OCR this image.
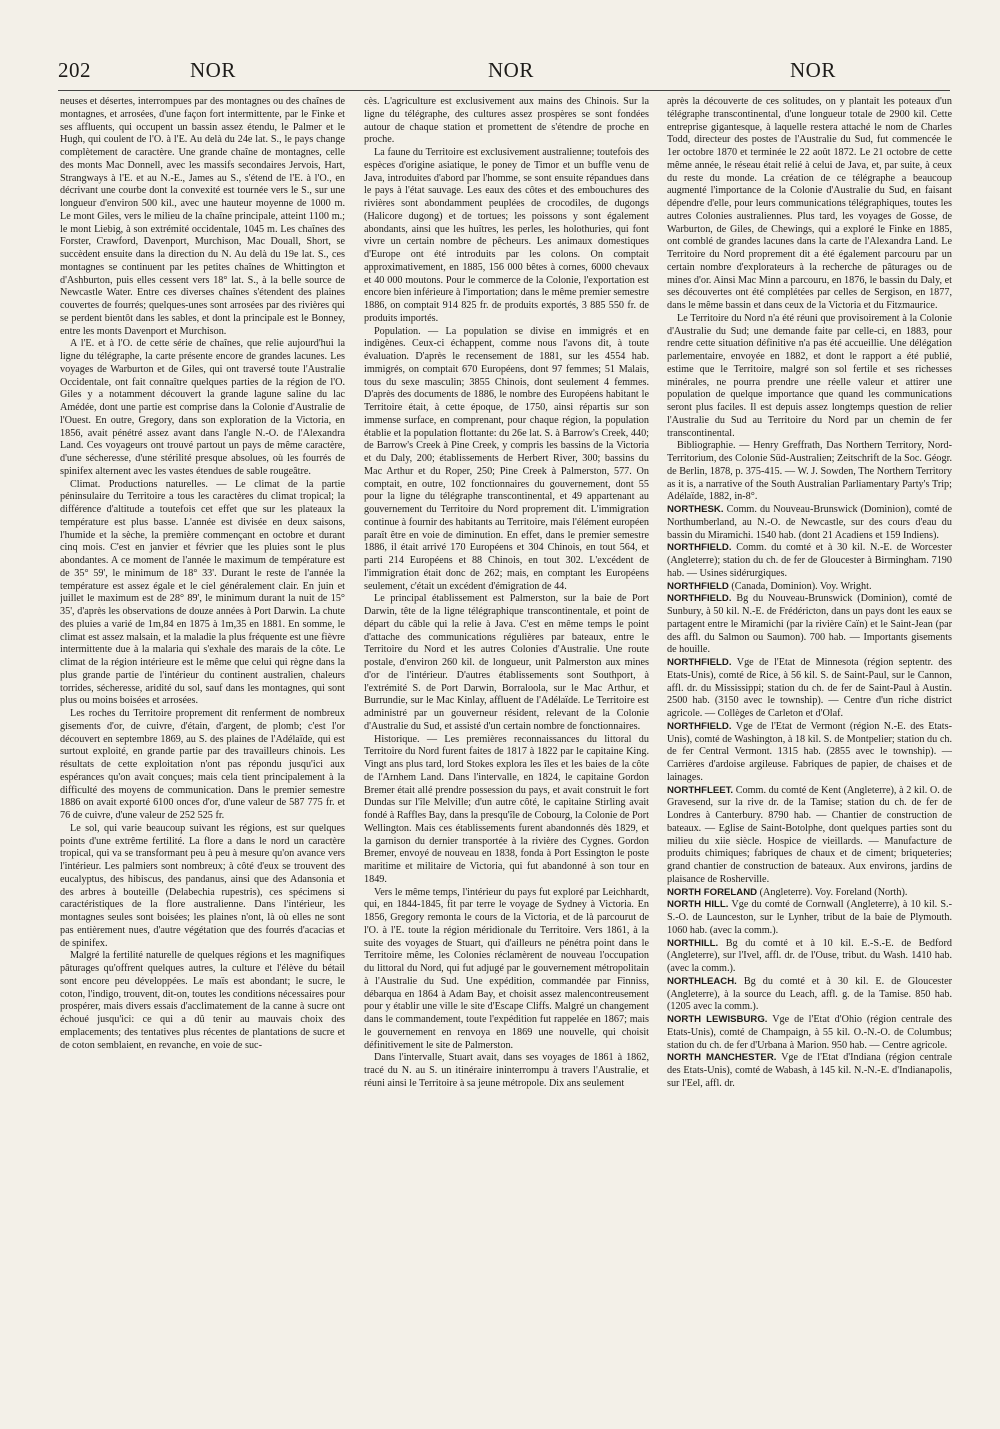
202	NOR	NOR	NOR

neuses et désertes, interrompues par des montagnes ou des chaînes de montagnes, et arrosées, d'une façon fort intermittente, par le Finke et ses affluents, qui occupent un bassin assez étendu, le Palmer et le Hugh, qui coulent de l'O. à l'E. Au delà du 24e lat. S., le pays change complètement de caractère. Une grande chaîne de montagnes, celle des monts Mac Donnell, avec les massifs secondaires Jervois, Hart, Strangways à l'E. et au N.-E., James au S., s'étend de l'E. à l'O., en décrivant une courbe dont la convexité est tournée vers le S., sur une longueur d'environ 500 kil., avec une hauteur moyenne de 1000 m. Le mont Giles, vers le milieu de la chaîne principale, atteint 1100 m.; le mont Liebig, à son extrémité occidentale, 1045 m. Les chaînes des Forster, Crawford, Davenport, Murchison, Mac Douall, Short, se succèdent ensuite dans la direction du N. Au delà du 19e lat. S., ces montagnes se continuent par les petites chaînes de Whittington et d'Ashburton, puis elles cessent vers 18° lat. S., à la belle source de Newcastle Water. Entre ces diverses chaînes s'étendent des plaines couvertes de fourrés; quelques-unes sont arrosées par des rivières qui se perdent bientôt dans les sables, et dont la principale est le Bonney, entre les monts Davenport et Murchison.

A l'E. et à l'O. de cette série de chaînes, que relie aujourd'hui la ligne du télégraphe, la carte présente encore de grandes lacunes. Les voyages de Warburton et de Giles, qui ont traversé toute l'Australie Occidentale, ont fait connaître quelques parties de la région de l'O. Giles y a notamment découvert la grande lagune saline du lac Amédée, dont une partie est comprise dans la Colonie d'Australie de l'Ouest. En outre, Gregory, dans son exploration de la Victoria, en 1856, avait pénétré assez avant dans l'angle N.-O. de l'Alexandra Land. Ces voyageurs ont trouvé partout un pays de même caractère, d'une sécheresse, d'une stérilité presque absolues, où les fourrés de spinifex alternent avec les vastes étendues de sable rougeâtre.

Climat. Productions naturelles. — Le climat de la partie péninsulaire du Territoire a tous les caractères du climat tropical; la différence d'altitude a toutefois cet effet que sur les plateaux la température est plus basse. L'année est divisée en deux saisons, l'humide et la sèche, la première commençant en octobre et durant cinq mois. C'est en janvier et février que les pluies sont le plus abondantes. A ce moment de l'année le maximum de température est de 35° 59', le minimum de 18° 33'. Durant le reste de l'année la température est assez égale et le ciel généralement clair. En juin et juillet le maximum est de 28° 89', le minimum durant la nuit de 15° 35', d'après les observations de douze années à Port Darwin. La chute des pluies a varié de 1m,84 en 1875 à 1m,35 en 1881. En somme, le climat est assez malsain, et la maladie la plus fréquente est une fièvre intermittente due à la malaria qui s'exhale des marais de la côte. Le climat de la région intérieure est le même que celui qui règne dans la plus grande partie de l'intérieur du continent australien, chaleurs torrides, sécheresse, aridité du sol, sauf dans les montagnes, qui sont plus ou moins boisées et arrosées.

Les roches du Territoire proprement dit renferment de nombreux gisements d'or, de cuivre, d'étain, d'argent, de plomb; c'est l'or découvert en septembre 1869, au S. des plaines de l'Adélaïde, qui est surtout exploité, en grande partie par des travailleurs chinois. Les résultats de cette exploitation n'ont pas répondu jusqu'ici aux espérances qu'on avait conçues; mais cela tient principalement à la difficulté des moyens de communication. Dans le premier semestre 1886 on avait exporté 6100 onces d'or, d'une valeur de 587 775 fr. et 76 de cuivre, d'une valeur de 252 525 fr.

Le sol, qui varie beaucoup suivant les régions, est sur quelques points d'une extrême fertilité. La flore a dans le nord un caractère tropical, qui va se transformant peu à peu à mesure qu'on avance vers l'intérieur. Les palmiers sont nombreux; à côté d'eux se trouvent des eucalyptus, des hibiscus, des pandanus, ainsi que des Adansonia et des arbres à bouteille (Delabechia rupestris), ces spécimens si caractéristiques de la flore australienne. Dans l'intérieur, les montagnes seules sont boisées; les plaines n'ont, là où elles ne sont pas entièrement nues, d'autre végétation que des fourrés d'acacias et de spinifex.

Malgré la fertilité naturelle de quelques régions et les magnifiques pâturages qu'offrent quelques autres, la culture et l'élève du bétail sont encore peu développées. Le maïs est abondant; le sucre, le coton, l'indigo, trouvent, dit-on, toutes les conditions nécessaires pour prospérer, mais divers essais d'acclimatement de la canne à sucre ont échoué jusqu'ici: ce qui a dû tenir au mauvais choix des emplacements; des tentatives plus récentes de plantations de sucre et de coton semblaient, en revanche, en voie de suc-

cès. L'agriculture est exclusivement aux mains des Chinois. Sur la ligne du télégraphe, des cultures assez prospères se sont fondées autour de chaque station et promettent de s'étendre de proche en proche.

La faune du Territoire est exclusivement australienne; toutefois des espèces d'origine asiatique, le poney de Timor et un buffle venu de Java, introduites d'abord par l'homme, se sont ensuite répandues dans le pays à l'état sauvage. Les eaux des côtes et des embouchures des rivières sont abondamment peuplées de crocodiles, de dugongs (Halicore dugong) et de tortues; les poissons y sont également abondants, ainsi que les huîtres, les perles, les holothuries, qui font vivre un certain nombre de pêcheurs. Les animaux domestiques d'Europe ont été introduits par les colons. On comptait approximativement, en 1885, 156 000 bêtes à cornes, 6000 chevaux et 40 000 moutons. Pour le commerce de la Colonie, l'exportation est encore bien inférieure à l'importation; dans le même premier semestre 1886, on comptait 914 825 fr. de produits exportés, 3 885 550 fr. de produits importés.

Population. — La population se divise en immigrés et en indigènes. Ceux-ci échappent, comme nous l'avons dit, à toute évaluation. D'après le recensement de 1881, sur les 4554 hab. immigrés, on comptait 670 Européens, dont 97 femmes; 51 Malais, tous du sexe masculin; 3855 Chinois, dont seulement 4 femmes. D'après des documents de 1886, le nombre des Européens habitant le Territoire était, à cette époque, de 1750, ainsi répartis sur son immense surface, en comprenant, pour chaque région, la population établie et la population flottante: du 26e lat. S. à Barrow's Creek, 440; de Barrow's Creek à Pine Creek, y compris les bassins de la Victoria et du Daly, 200; établissements de Herbert River, 300; bassins du Mac Arthur et du Roper, 250; Pine Creek à Palmerston, 577. On comptait, en outre, 102 fonctionnaires du gouvernement, dont 55 pour la ligne du télégraphe transcontinental, et 49 appartenant au gouvernement du Territoire du Nord proprement dit. L'immigration continue à fournir des habitants au Territoire, mais l'élément européen paraît être en voie de diminution. En effet, dans le premier semestre 1886, il était arrivé 170 Européens et 304 Chinois, en tout 564, et parti 214 Européens et 88 Chinois, en tout 302. L'excédent de l'immigration était donc de 262; mais, en comptant les Européens seulement, c'était un excédent d'émigration de 44.

Le principal établissement est Palmerston, sur la baie de Port Darwin, tête de la ligne télégraphique transcontinentale, et point de départ du câble qui la relie à Java. C'est en même temps le point d'attache des communications régulières par bateaux, entre le Territoire du Nord et les autres Colonies d'Australie. Une route postale, d'environ 260 kil. de longueur, unit Palmerston aux mines d'or de l'intérieur. D'autres établissements sont Southport, à l'extrémité S. de Port Darwin, Borraloola, sur le Mac Arthur, et Burrundie, sur le Mac Kinlay, affluent de l'Adélaïde. Le Territoire est administré par un gouverneur résident, relevant de la Colonie d'Australie du Sud, et assisté d'un certain nombre de fonctionnaires.

Historique. — Les premières reconnaissances du littoral du Territoire du Nord furent faites de 1817 à 1822 par le capitaine King. Vingt ans plus tard, lord Stokes explora les îles et les baies de la côte de l'Arnhem Land. Dans l'intervalle, en 1824, le capitaine Gordon Bremer était allé prendre possession du pays, et avait construit le fort Dundas sur l'île Melville; d'un autre côté, le capitaine Stirling avait fondé à Raffles Bay, dans la presqu'île de Cobourg, la Colonie de Port Wellington. Mais ces établissements furent abandonnés dès 1829, et la garnison du dernier transportée à la rivière des Cygnes. Gordon Bremer, envoyé de nouveau en 1838, fonda à Port Essington le poste maritime et militaire de Victoria, qui fut abandonné à son tour en 1849.

Vers le même temps, l'intérieur du pays fut exploré par Leichhardt, qui, en 1844-1845, fit par terre le voyage de Sydney à Victoria. En 1856, Gregory remonta le cours de la Victoria, et de là parcourut de l'O. à l'E. toute la région méridionale du Territoire. Vers 1861, à la suite des voyages de Stuart, qui d'ailleurs ne pénétra point dans le Territoire même, les Colonies réclamèrent de nouveau l'occupation du littoral du Nord, qui fut adjugé par le gouvernement métropolitain à l'Australie du Sud. Une expédition, commandée par Finniss, débarqua en 1864 à Adam Bay, et choisit assez malencontreusement pour y établir une ville le site d'Escape Cliffs. Malgré un changement dans le commandement, toute l'expédition fut rappelée en 1867; mais le gouvernement en renvoya en 1869 une nouvelle, qui choisit définitivement le site de Palmerston.

Dans l'intervalle, Stuart avait, dans ses voyages de 1861 à 1862, tracé du N. au S. un itinéraire ininterrompu à travers l'Australie, et réuni ainsi le Territoire à sa jeune métropole. Dix ans seulement

après la découverte de ces solitudes, on y plantait les poteaux d'un télégraphe transcontinental, d'une longueur totale de 2900 kil. Cette entreprise gigantesque, à laquelle restera attaché le nom de Charles Todd, directeur des postes de l'Australie du Sud, fut commencée le 1er octobre 1870 et terminée le 22 août 1872. Le 21 octobre de cette même année, le réseau était relié à celui de Java, et, par suite, à ceux du reste du monde. La création de ce télégraphe a beaucoup augmenté l'importance de la Colonie d'Australie du Sud, en faisant dépendre d'elle, pour leurs communications télégraphiques, toutes les autres Colonies australiennes. Plus tard, les voyages de Gosse, de Warburton, de Giles, de Chewings, qui a exploré le Finke en 1885, ont comblé de grandes lacunes dans la carte de l'Alexandra Land. Le Territoire du Nord proprement dit a été également parcouru par un certain nombre d'explorateurs à la recherche de pâturages ou de mines d'or. Ainsi Mac Minn a parcouru, en 1876, le bassin du Daly, et ses découvertes ont été complétées par celles de Sergison, en 1877, dans le même bassin et dans ceux de la Victoria et du Fitzmaurice.

Le Territoire du Nord n'a été réuni que provisoirement à la Colonie d'Australie du Sud; une demande faite par celle-ci, en 1883, pour rendre cette situation définitive n'a pas été accueillie. Une délégation parlementaire, envoyée en 1882, et dont le rapport a été publié, estime que le Territoire, malgré son sol fertile et ses richesses minérales, ne pourra prendre une réelle valeur et attirer une population de quelque importance que quand les communications seront plus faciles. Il est depuis assez longtemps question de relier l'Australie du Sud au Territoire du Nord par un chemin de fer transcontinental.

Bibliographie. — Henry Greffrath, Das Northern Territory, Nord-Territorium, des Colonie Süd-Australien; Zeitschrift de la Soc. Géogr. de Berlin, 1878, p. 375-415. — W. J. Sowden, The Northern Territory as it is, a narrative of the South Australian Parliamentary Party's Trip; Adélaïde, 1882, in-8°.

NORTHESK. Comm. du Nouveau-Brunswick (Dominion), comté de Northumberland, au N.-O. de Newcastle, sur des cours d'eau du bassin du Miramichi. 1540 hab. (dont 21 Acadiens et 159 Indiens).

NORTHFIELD. Comm. du comté et à 30 kil. N.-E. de Worcester (Angleterre); station du ch. de fer de Gloucester à Birmingham. 7190 hab. — Usines sidérurgiques.

NORTHFIELD (Canada, Dominion). Voy. Wright.

NORTHFIELD. Bg du Nouveau-Brunswick (Dominion), comté de Sunbury, à 50 kil. N.-E. de Frédéricton, dans un pays dont les eaux se partagent entre le Miramichi (par la rivière Caïn) et le Saint-Jean (par des affl. du Salmon ou Saumon). 700 hab. — Importants gisements de houille.

NORTHFIELD. Vge de l'Etat de Minnesota (région septentr. des Etats-Unis), comté de Rice, à 56 kil. S. de Saint-Paul, sur le Cannon, affl. dr. du Mississippi; station du ch. de fer de Saint-Paul à Austin. 2500 hab. (3150 avec le township). — Centre d'un riche district agricole. — Collèges de Carleton et d'Olaf.

NORTHFIELD. Vge de l'Etat de Vermont (région N.-E. des Etats-Unis), comté de Washington, à 18 kil. S. de Montpelier; station du ch. de fer Central Vermont. 1315 hab. (2855 avec le township). — Carrières d'ardoise argileuse. Fabriques de papier, de chaises et de lainages.

NORTHFLEET. Comm. du comté de Kent (Angleterre), à 2 kil. O. de Gravesend, sur la rive dr. de la Tamise; station du ch. de fer de Londres à Canterbury. 8790 hab. — Chantier de construction de bateaux. — Eglise de Saint-Botolphe, dont quelques parties sont du milieu du xiie siècle. Hospice de vieillards. — Manufacture de produits chimiques; fabriques de chaux et de ciment; briqueteries; grand chantier de construction de bateaux. Aux environs, jardins de plaisance de Rosherville.

NORTH FORELAND (Angleterre). Voy. Foreland (North).

NORTH HILL. Vge du comté de Cornwall (Angleterre), à 10 kil. S.-S.-O. de Launceston, sur le Lynher, tribut de la baie de Plymouth. 1060 hab. (avec la comm.).

NORTHILL. Bg du comté et à 10 kil. E.-S.-E. de Bedford (Angleterre), sur l'Ivel, affl. dr. de l'Ouse, tribut. du Wash. 1410 hab. (avec la comm.).

NORTHLEACH. Bg du comté et à 30 kil. E. de Gloucester (Angleterre), à la source du Leach, affl. g. de la Tamise. 850 hab. (1205 avec la comm.).

NORTH LEWISBURG. Vge de l'Etat d'Ohio (région centrale des Etats-Unis), comté de Champaign, à 55 kil. O.-N.-O. de Columbus; station du ch. de fer d'Urbana à Marion. 950 hab. — Centre agricole.

NORTH MANCHESTER. Vge de l'Etat d'Indiana (région centrale des Etats-Unis), comté de Wabash, à 145 kil. N.-N.-E. d'Indianapolis, sur l'Eel, affl. dr.
